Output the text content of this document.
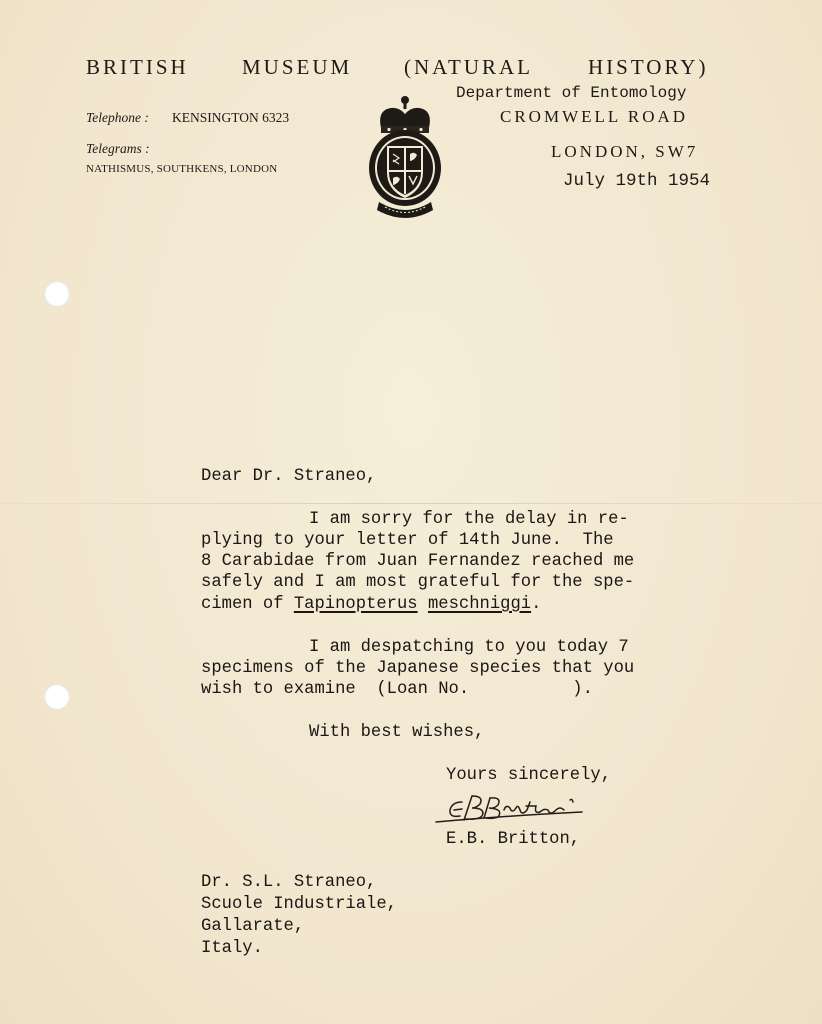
BRITISH	MUSEUM (NATURAL	HISTORY)
Telephone : KENSINGTON 6323
Telegrams :
NATHISMUS, SOUTHKENS, LONDON
Department of Entomology
CROMWELL ROAD
LONDON, SW7
July 19th 1954
Dear Dr. Straneo,
I am sorry for the delay in re-
plying to your letter of 14th June.  The
8 Carabidae from Juan Fernandez reached me
safely and I am most grateful for the spe-
cimen of Tapinopterus meschniggi.
I am despatching to you today 7
specimens of the Japanese species that you
wish to examine  (Loan No.          ).
With best wishes,
Yours sincerely,
E.B. Britton,
Dr. S.L. Straneo,
Scuole Industriale,
Gallarate,
Italy.
